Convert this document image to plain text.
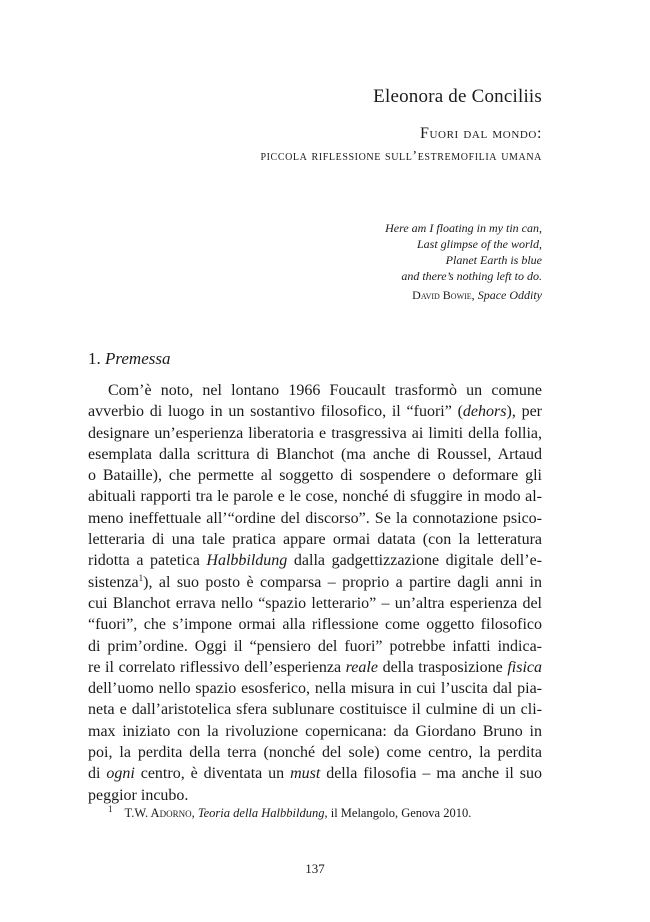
Eleonora de Conciliis
Fuori dal mondo:
piccola riflessione sull’estremofilia umana
Here am I floating in my tin can,
Last glimpse of the world,
Planet Earth is blue
and there’s nothing left to do.
David Bowie, Space Oddity
1. Premessa
Com’è noto, nel lontano 1966 Foucault trasformò un comune
avverbio di luogo in un sostantivo filosofico, il “fuori” (dehors), per
designare un’esperienza liberatoria e trasgressiva ai limiti della follia,
esemplata dalla scrittura di Blanchot (ma anche di Roussel, Artaud
o Bataille), che permette al soggetto di sospendere o deformare gli
abituali rapporti tra le parole e le cose, nonché di sfuggire in modo al-
meno ineffettuale all’“ordine del discorso”. Se la connotazione psico-
letteraria di una tale pratica appare ormai datata (con la letteratura
ridotta a patetica Halbbildung dalla gadgettizzazione digitale dell’e-
sistenza$^1$), al suo posto è comparsa – proprio a partire dagli anni in
cui Blanchot errava nello “spazio letterario” – un’altra esperienza del
“fuori”, che s’impone ormai alla riflessione come oggetto filosofico
di prim’ordine. Oggi il “pensiero del fuori” potrebbe infatti indica-
re il correlato riflessivo dell’esperienza reale della trasposizione fisica
dell’uomo nello spazio esosferico, nella misura in cui l’uscita dal pia-
neta e dall’aristotelica sfera sublunare costituisce il culmine di un cli-
max iniziato con la rivoluzione copernicana: da Giordano Bruno in
poi, la perdita della terra (nonché del sole) come centro, la perdita
di ogni centro, è diventata un must della filosofia – ma anche il suo
peggior incubo.
$^1$ T.W. Adorno, Teoria della Halbbildung, il Melangolo, Genova 2010.
137
